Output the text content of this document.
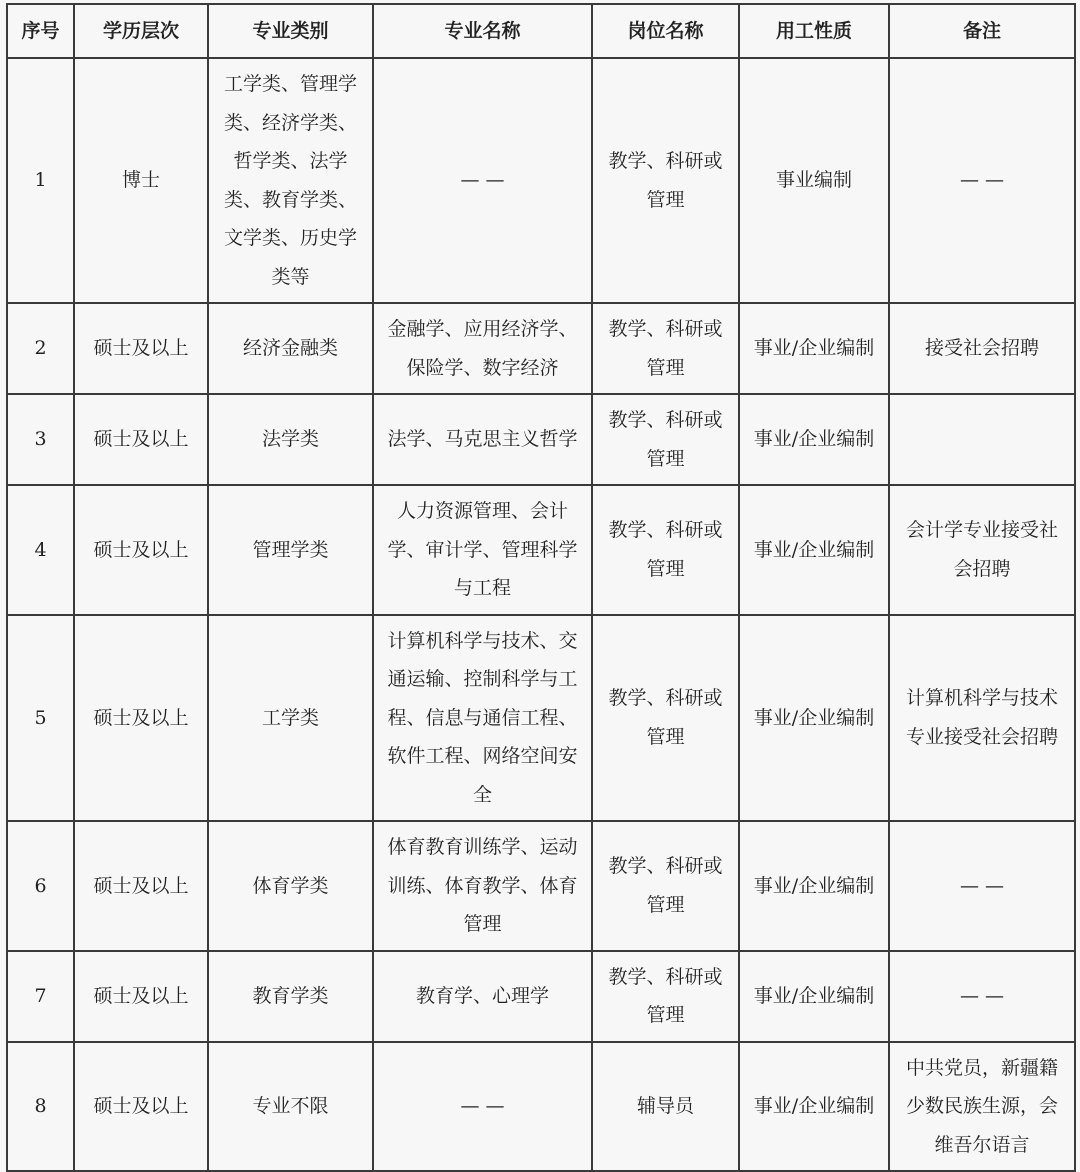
序号	学历层次	专业类别	专业名称	岗位名称	用工性质	备注
1	博士	工学类、管理学类、经济学类、哲学类、法学类、教育学类、文学类、历史学类等	— —	教学、科研或管理	事业编制	— —
2	硕士及以上	经济金融类	金融学、应用经济学、保险学、数字经济	教学、科研或管理	事业/企业编制	接受社会招聘
3	硕士及以上	法学类	法学、马克思主义哲学	教学、科研或管理	事业/企业编制	
4	硕士及以上	管理学类	人力资源管理、会计学、审计学、管理科学与工程	教学、科研或管理	事业/企业编制	会计学专业接受社会招聘
5	硕士及以上	工学类	计算机科学与技术、交通运输、控制科学与工程、信息与通信工程、软件工程、网络空间安全	教学、科研或管理	事业/企业编制	计算机科学与技术专业接受社会招聘
6	硕士及以上	体育学类	体育教育训练学、运动训练、体育教学、体育管理	教学、科研或管理	事业/企业编制	— —
7	硕士及以上	教育学类	教育学、心理学	教学、科研或管理	事业/企业编制	— —
8	硕士及以上	专业不限	— —	辅导员	事业/企业编制	中共党员，新疆籍少数民族生源，会维吾尔语言
